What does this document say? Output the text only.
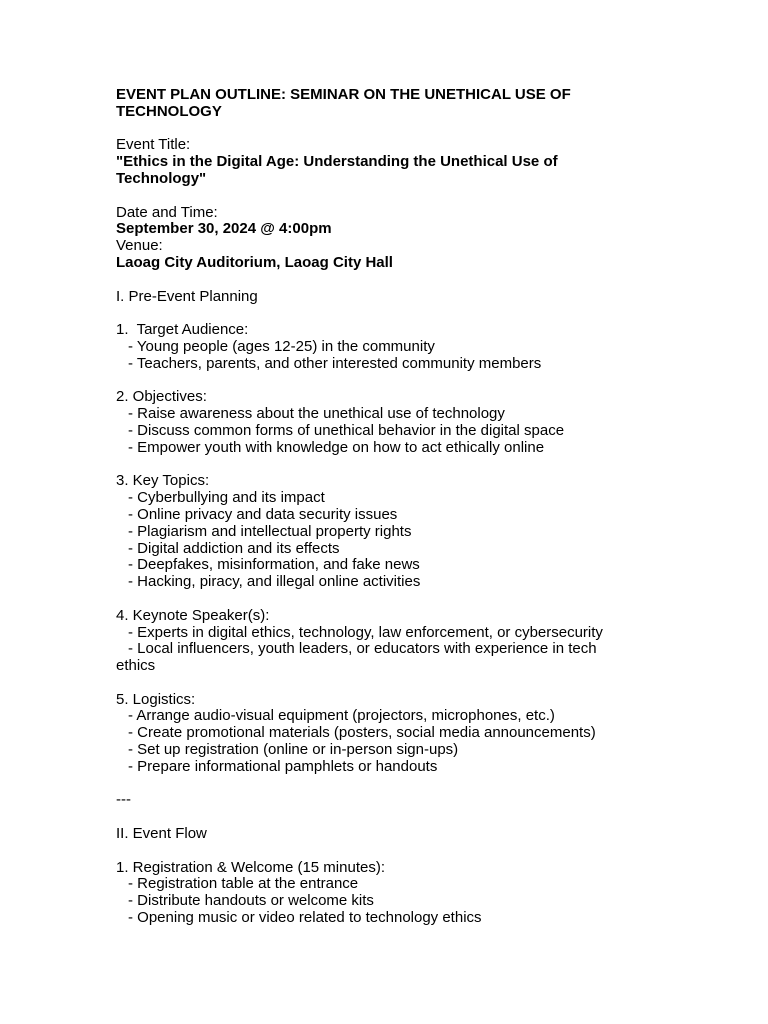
EVENT PLAN OUTLINE: SEMINAR ON THE UNETHICAL USE OF TECHNOLOGY
Event Title:
"Ethics in the Digital Age: Understanding the Unethical Use of Technology"
Date and Time:
September 30, 2024 @ 4:00pm
Venue:
Laoag City Auditorium, Laoag City Hall
I. Pre-Event Planning
1.  Target Audience:
- Young people (ages 12-25) in the community
- Teachers, parents, and other interested community members
2. Objectives:
- Raise awareness about the unethical use of technology
- Discuss common forms of unethical behavior in the digital space
- Empower youth with knowledge on how to act ethically online
3. Key Topics:
- Cyberbullying and its impact
- Online privacy and data security issues
- Plagiarism and intellectual property rights
- Digital addiction and its effects
- Deepfakes, misinformation, and fake news
- Hacking, piracy, and illegal online activities
4. Keynote Speaker(s):
- Experts in digital ethics, technology, law enforcement, or cybersecurity
- Local influencers, youth leaders, or educators with experience in tech
ethics
5. Logistics:
- Arrange audio-visual equipment (projectors, microphones, etc.)
- Create promotional materials (posters, social media announcements)
- Set up registration (online or in-person sign-ups)
- Prepare informational pamphlets or handouts
---
II. Event Flow
1. Registration & Welcome (15 minutes):
- Registration table at the entrance
- Distribute handouts or welcome kits
- Opening music or video related to technology ethics
